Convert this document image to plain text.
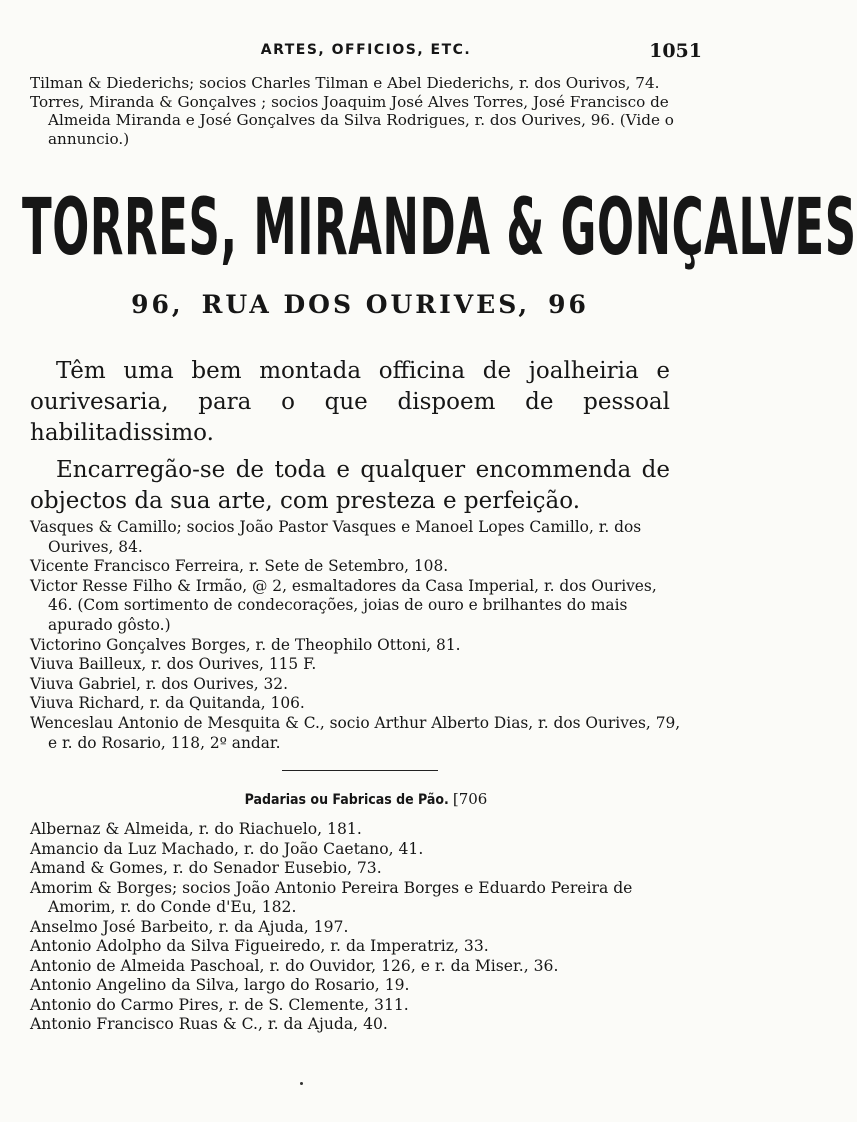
ARTES, OFFICIOS, ETC.	1051

Tilman & Diederichs; socios Charles Tilman e Abel Diederichs, r. dos Ourivos, 74.

Torres, Miranda & Gonçalves ; socios Joaquim José Alves Torres, José Francisco de Almeida Miranda e José Gonçalves da Silva Rodrigues, r. dos Ourives, 96. (Vide o annuncio.)

TORRES, MIRANDA & GONÇALVES
96, RUA DOS OURIVES, 96

Têm uma bem montada officina de joalheiria e ourivesaria, para o que dispoem de pessoal habilitadissimo.

Encarregão-se de toda e qualquer encommenda de objectos da sua arte, com presteza e perfeição.

Vasques & Camillo; socios João Pastor Vasques e Manoel Lopes Camillo, r. dos Ourives, 84.

Vicente Francisco Ferreira, r. Sete de Setembro, 108.

Victor Resse Filho & Irmão, @ 2, esmaltadores da Casa Imperial, r. dos Ourives, 46. (Com sortimento de condecorações, joias de ouro e brilhantes do mais apurado gôsto.)

Victorino Gonçalves Borges, r. de Theophilo Ottoni, 81.

Viuva Bailleux, r. dos Ourives, 115 F.

Viuva Gabriel, r. dos Ourives, 32.

Viuva Richard, r. da Quitanda, 106.

Wenceslau Antonio de Mesquita & C., socio Arthur Alberto Dias, r. dos Ourives, 79, e r. do Rosario, 118, 2º andar.

Padarias ou Fabricas de Pão. [706

Albernaz & Almeida, r. do Riachuelo, 181.

Amancio da Luz Machado, r. do João Caetano, 41.

Amand & Gomes, r. do Senador Eusebio, 73.

Amorim & Borges; socios João Antonio Pereira Borges e Eduardo Pereira de Amorim, r. do Conde d'Eu, 182.

Anselmo José Barbeito, r. da Ajuda, 197.

Antonio Adolpho da Silva Figueiredo, r. da Imperatriz, 33.

Antonio de Almeida Paschoal, r. do Ouvidor, 126, e r. da Miser., 36.

Antonio Angelino da Silva, largo do Rosario, 19.

Antonio do Carmo Pires, r. de S. Clemente, 311.

Antonio Francisco Ruas & C., r. da Ajuda, 40.
